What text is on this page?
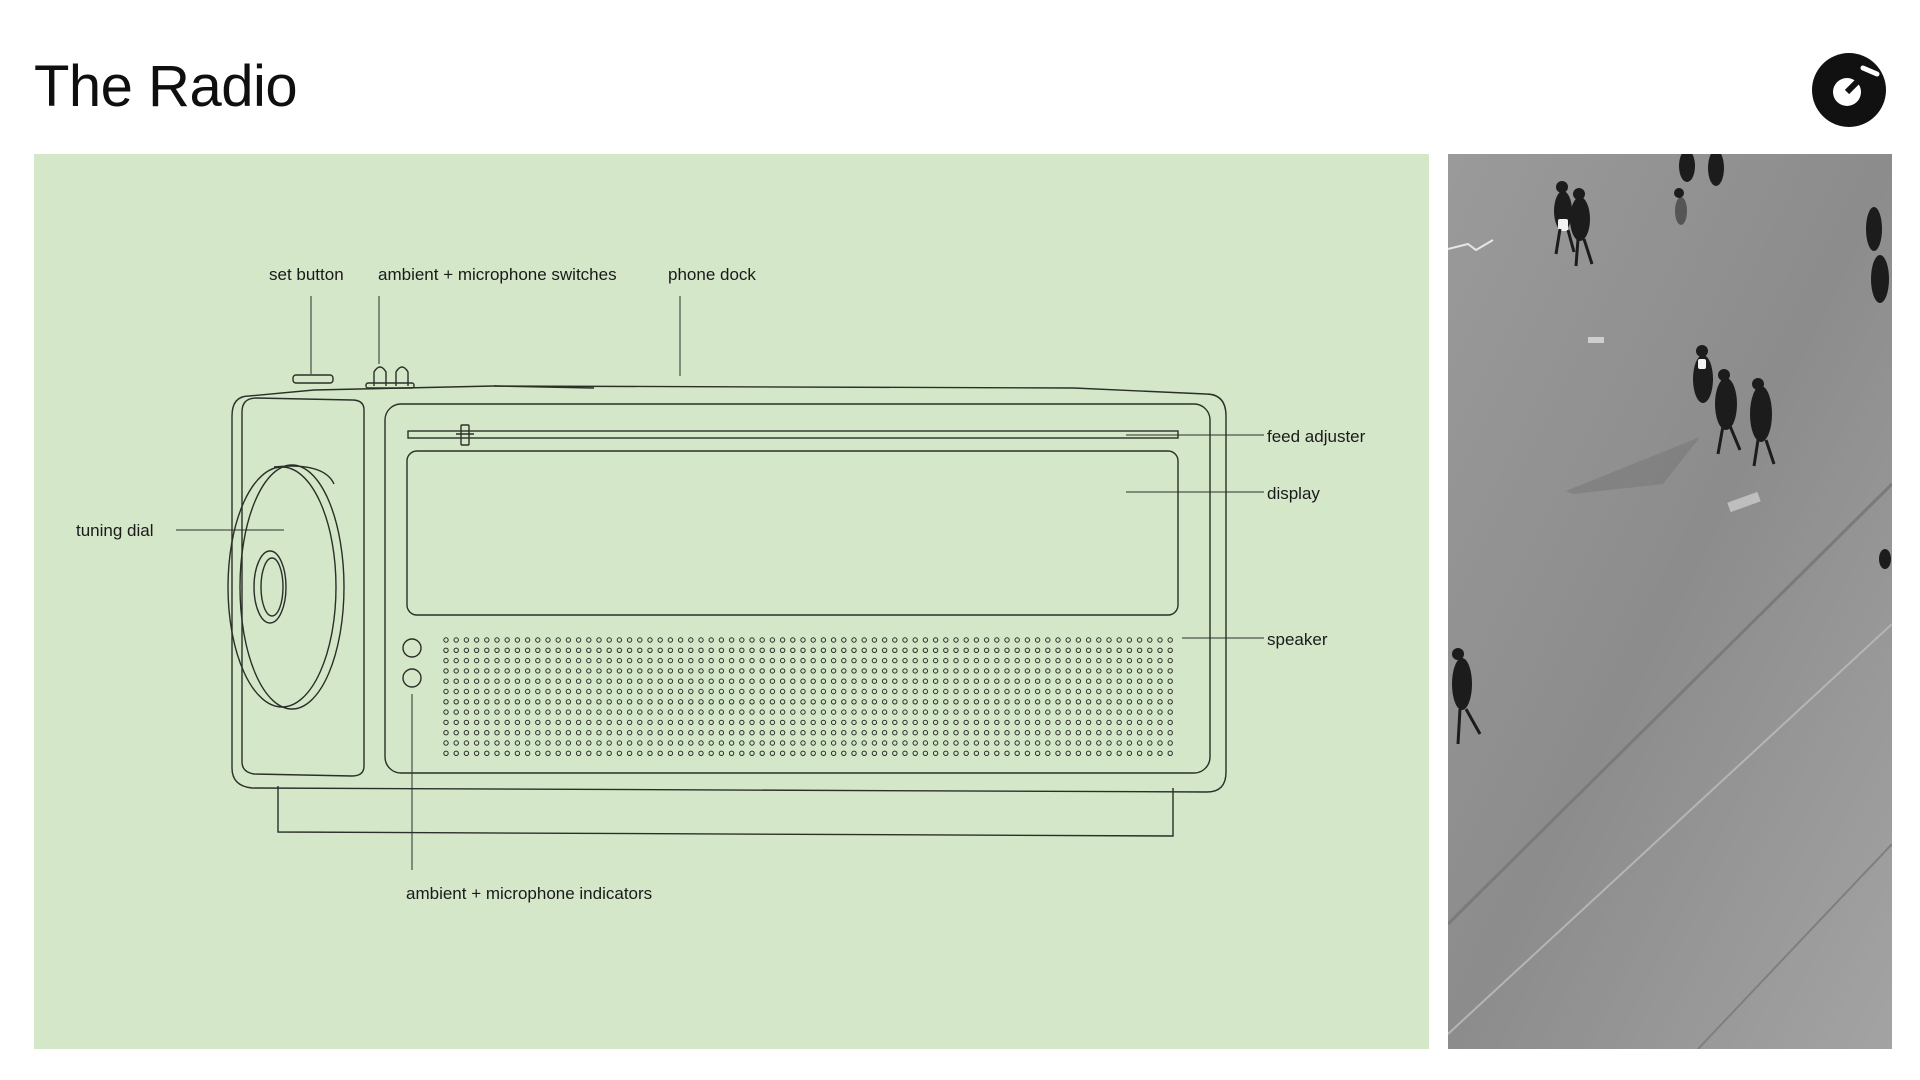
The Radio
set button ambient + microphone switches	phone dock
feed adjuster
display
speaker
tuning dial
ambient + microphone indicators
